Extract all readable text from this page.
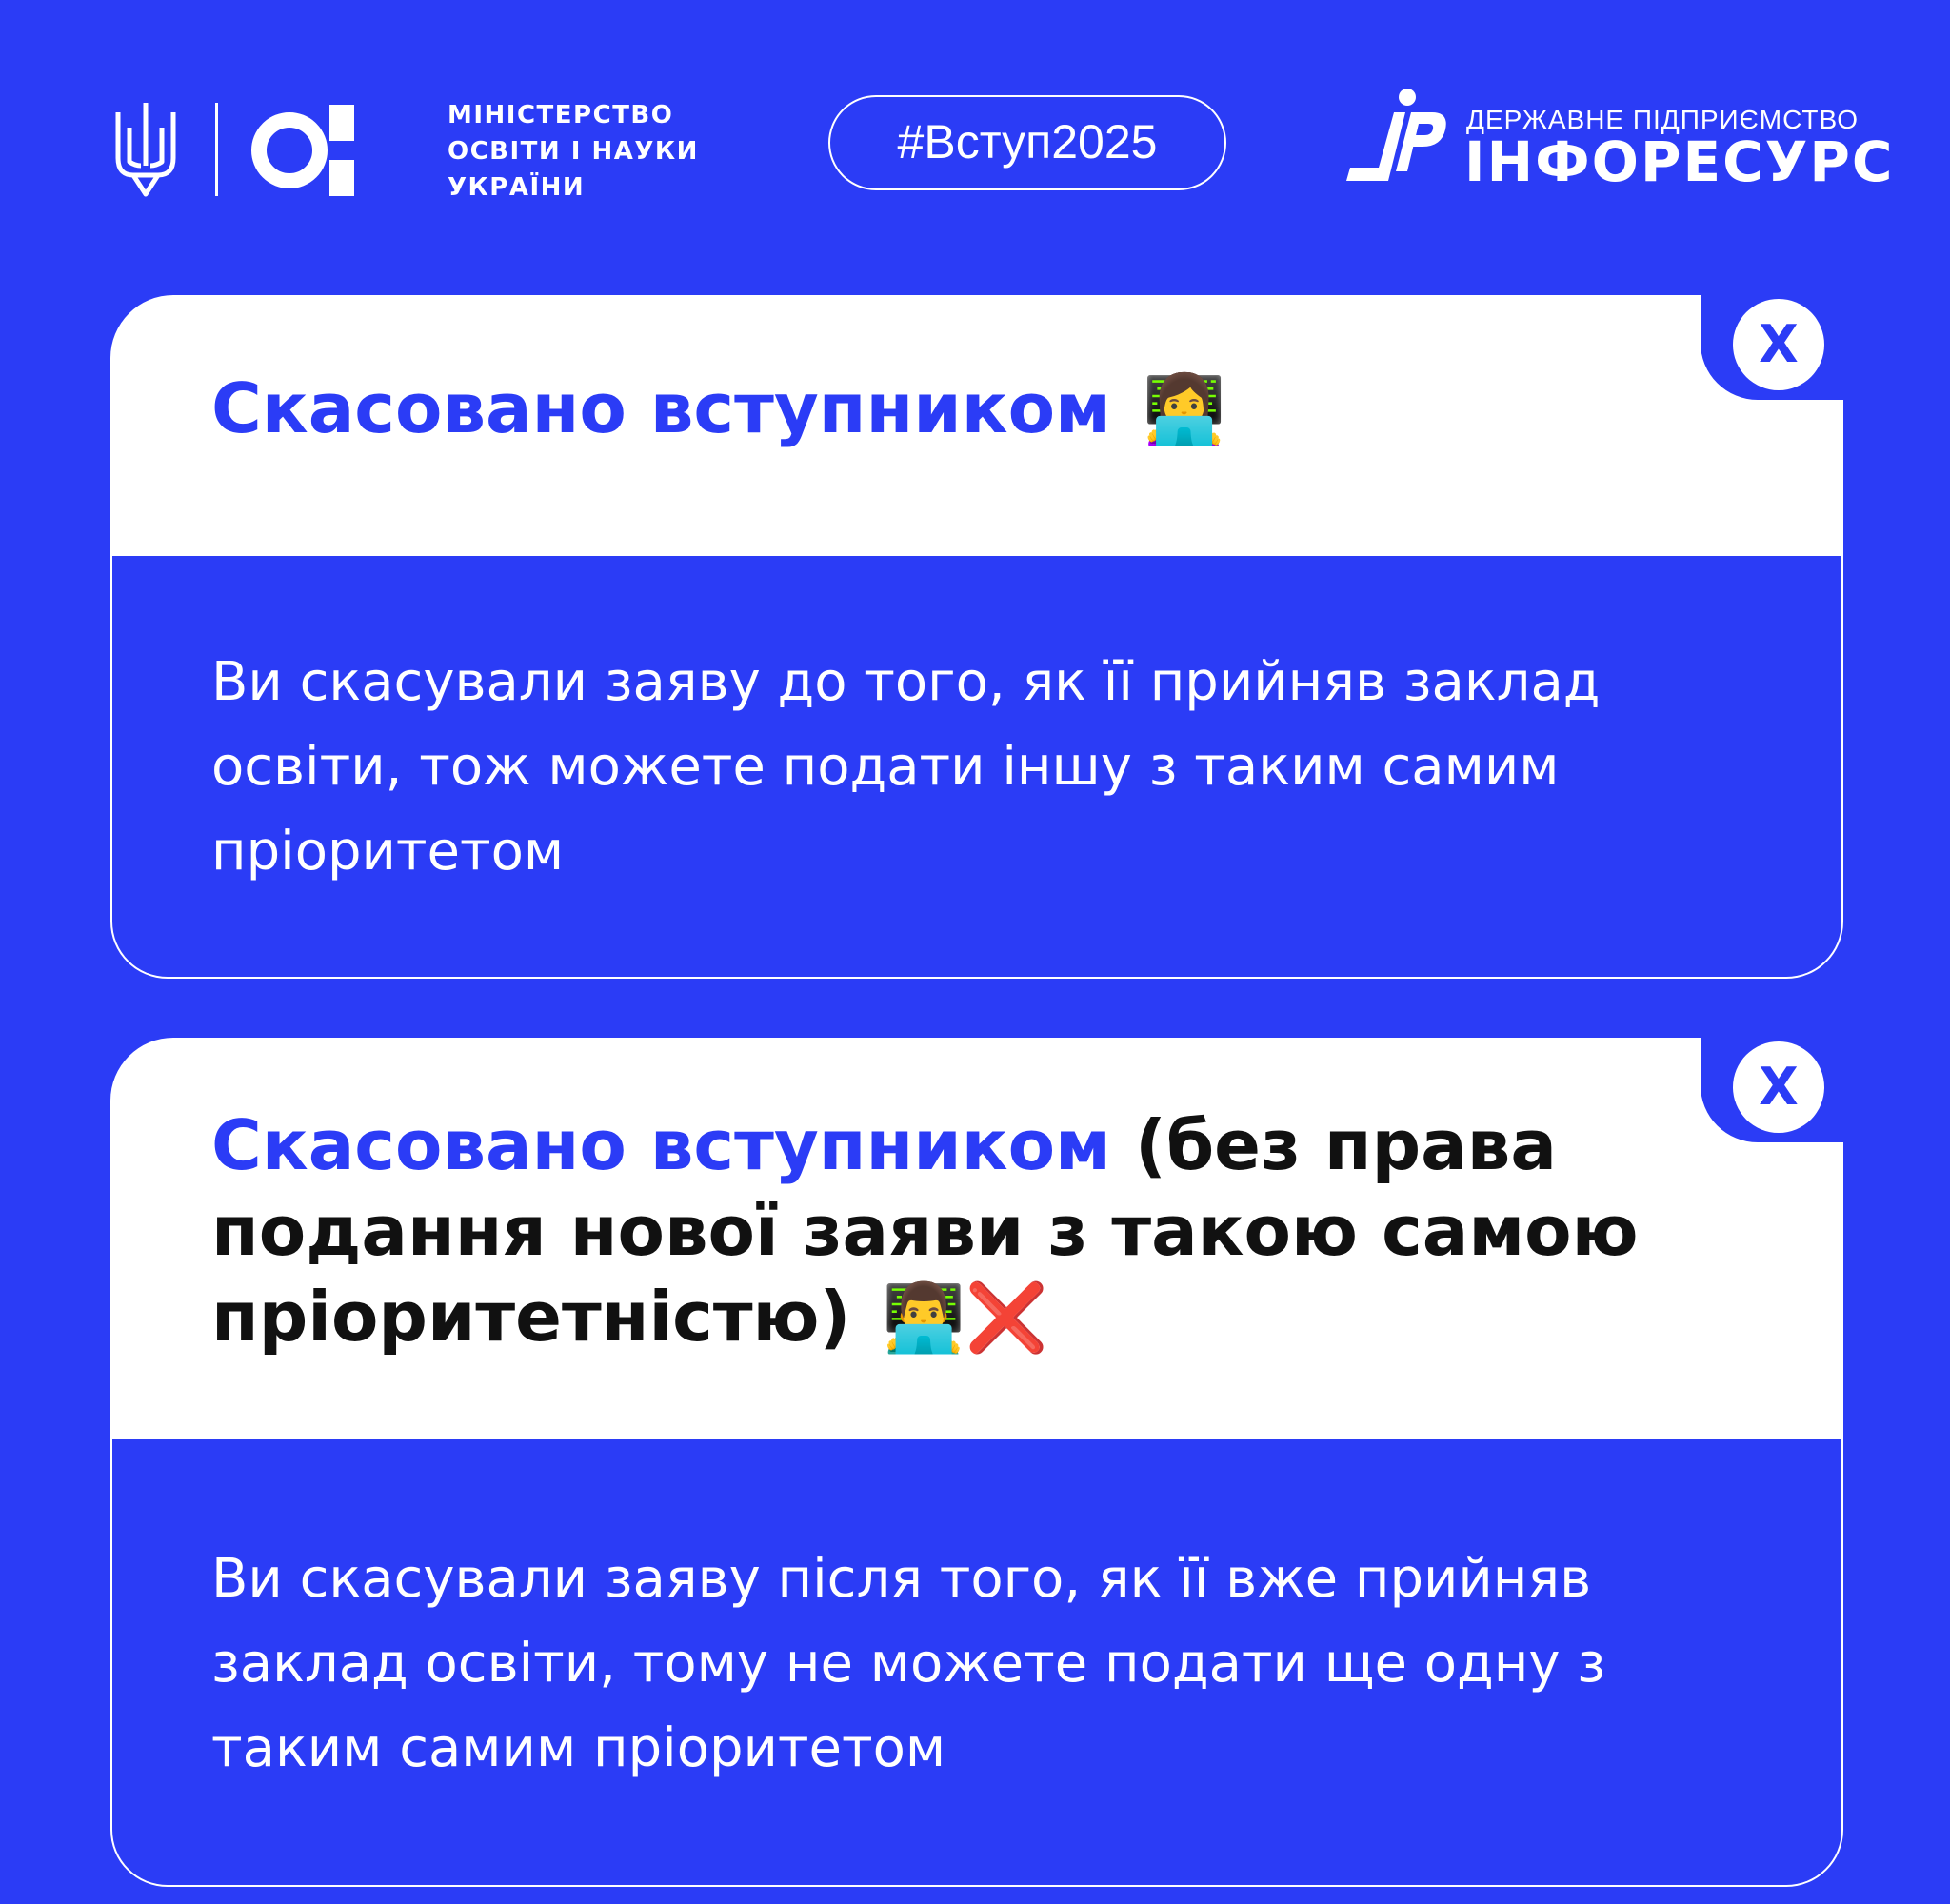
МІНІСТЕРСТВО
ОСВІТИ І НАУКИ
УКРАЇНИ
#Вступ2025	ДЕРЖАВНЕ ПІДПРИЄМСТВО
ІНФОРЕСУРС
Скасовано вступником 👩‍💻
Ви скасували заяву до того, як її прийняв заклад освіти, тож можете подати іншу з таким самим пріоритетом
X
Скасовано вступником (без права подання нової заяви з такою самою пріоритетністю) 👨‍💻❌
Ви скасували заяву після того, як її вже прийняв заклад освіти, тому не можете подати ще одну з таким самим пріоритетом
X
